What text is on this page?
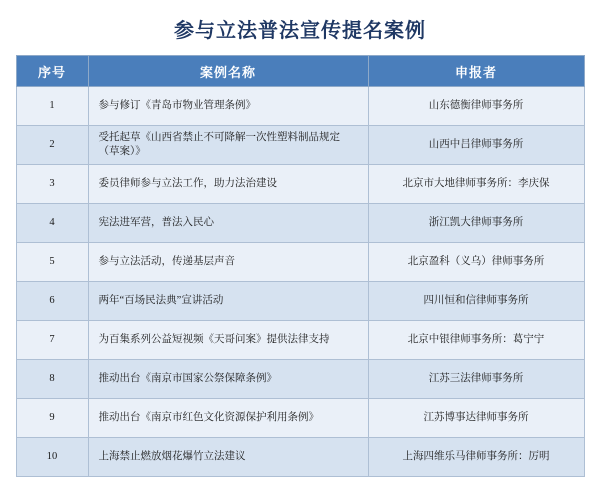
参与立法普法宣传提名案例
序号	案例名称	申报者
1	参与修订《青岛市物业管理条例》	山东德衡律师事务所
2	受托起草《山西省禁止不可降解一次性塑料制品规定（草案）》	山西中吕律师事务所
3	委员律师参与立法工作，助力法治建设	北京市大地律师事务所：李庆保
4	宪法进军营，普法入民心	浙江凯大律师事务所
5	参与立法活动，传递基层声音	北京盈科（义乌）律师事务所
6	两年“百场民法典”宣讲活动	四川恒和信律师事务所
7	为百集系列公益短视频《天哥问案》提供法律支持	北京中银律师事务所：葛宁宁
8	推动出台《南京市国家公祭保障条例》	江苏三法律师事务所
9	推动出台《南京市红色文化资源保护利用条例》	江苏博事达律师事务所
10	上海禁止燃放烟花爆竹立法建议	上海四维乐马律师事务所：厉明
